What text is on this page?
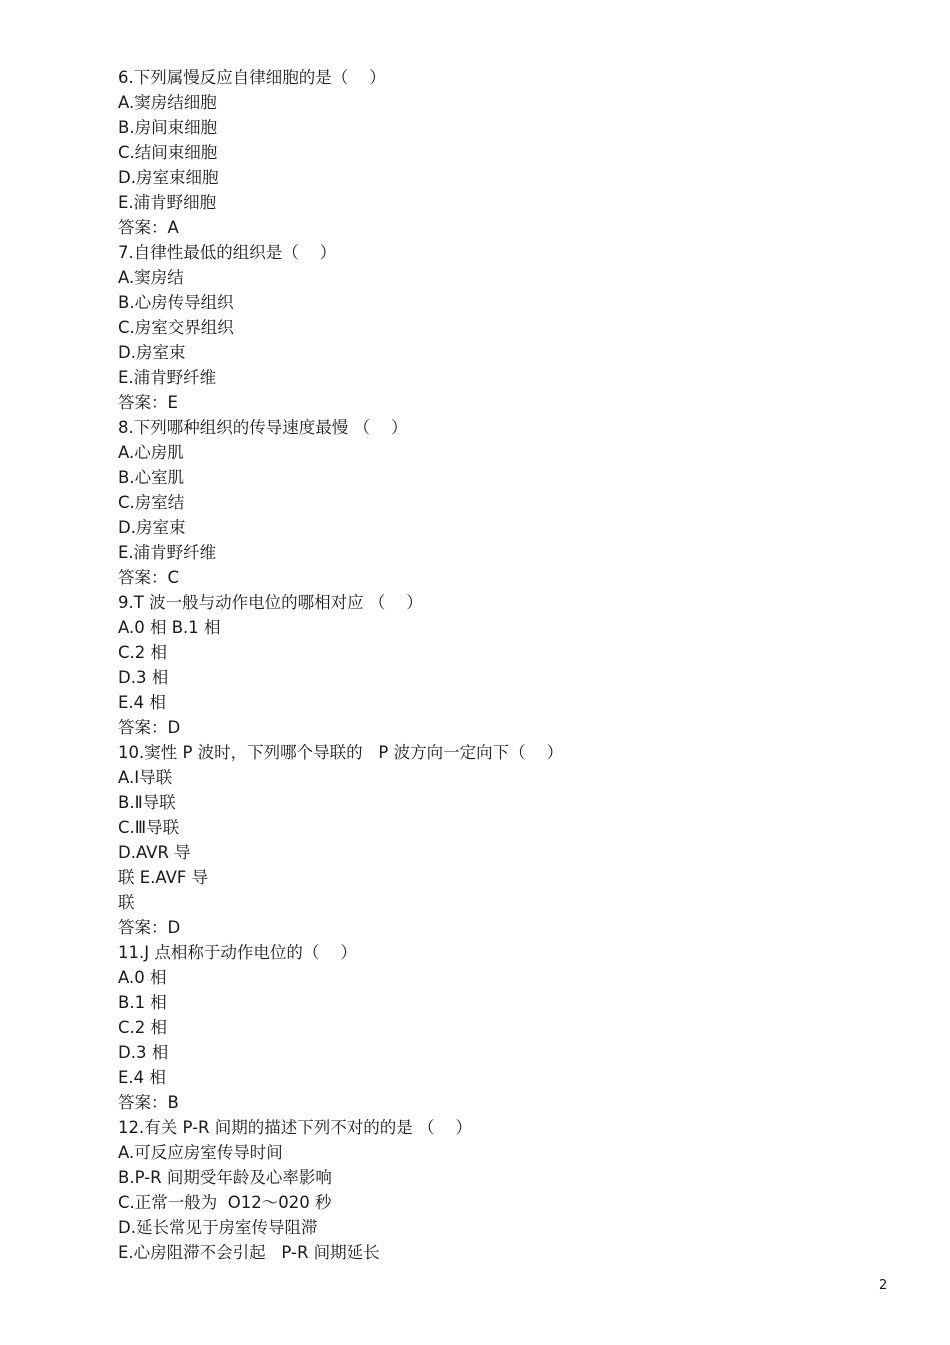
6.下列属慢反应自律细胞的是（    ）
A.窦房结细胞
B.房间束细胞
C.结间束细胞
D.房室束细胞
E.浦肯野细胞
答案：A
7.自律性最低的组织是（    ）
A.窦房结
B.心房传导组织
C.房室交界组织
D.房室束
E.浦肯野纤维
答案：E
8.下列哪种组织的传导速度最慢 （    ）
A.心房肌
B.心室肌
C.房室结
D.房室束
E.浦肯野纤维
答案：C
9.T 波一般与动作电位的哪相对应 （    ）
A.0 相 B.1 相
C.2 相
D.3 相
E.4 相
答案：D
10.窦性 P 波时，下列哪个导联的   P 波方向一定向下（    ）
A.Ⅰ导联
B.Ⅱ导联
C.Ⅲ导联
D.AVR 导
联 E.AVF 导
联
答案：D
11.J 点相称于动作电位的（    ）
A.0 相
B.1 相
C.2 相
D.3 相
E.4 相
答案：B
12.有关 P-R 间期的描述下列不对的的是 （    ）
A.可反应房室传导时间
B.P-R 间期受年龄及心率影响
C.正常一般为  O12～020 秒
D.延长常见于房室传导阻滞
E.心房阻滞不会引起   P-R 间期延长
2
